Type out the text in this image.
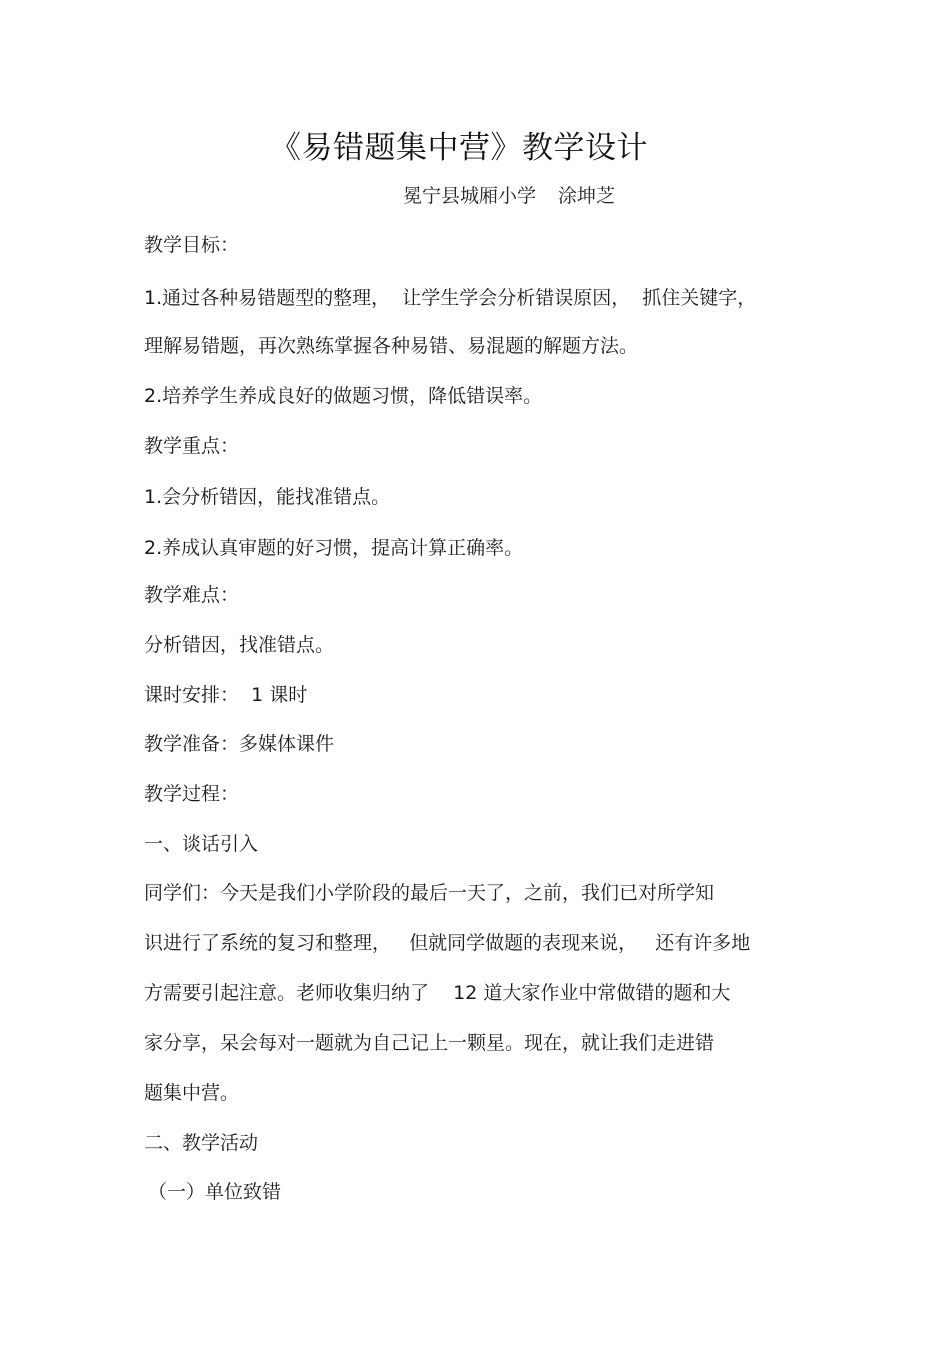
《易错题集中营》教学设计
冕宁县城厢小学 涂坤芝
教学目标：
1.通过各种易错题型的整理，  让学生学会分析错误原因，  抓住关键字，
理解易错题，再次熟练掌握各种易错、易混题的解题方法。
2.培养学生养成良好的做题习惯，降低错误率。
教学重点：
1.会分析错因，能找准错点。
2.养成认真审题的好习惯，提高计算正确率。
教学难点：
分析错因，找准错点。
课时安排：  1 课时
教学准备：多媒体课件
教学过程：
一、谈话引入
同学们：今天是我们小学阶段的最后一天了，之前，我们已对所学知
识进行了系统的复习和整理，   但就同学做题的表现来说，   还有许多地
方需要引起注意。老师收集归纳了    12 道大家作业中常做错的题和大
家分享，呆会每对一题就为自己记上一颗星。现在，就让我们走进错
题集中营。
二、教学活动
（一）单位致错
